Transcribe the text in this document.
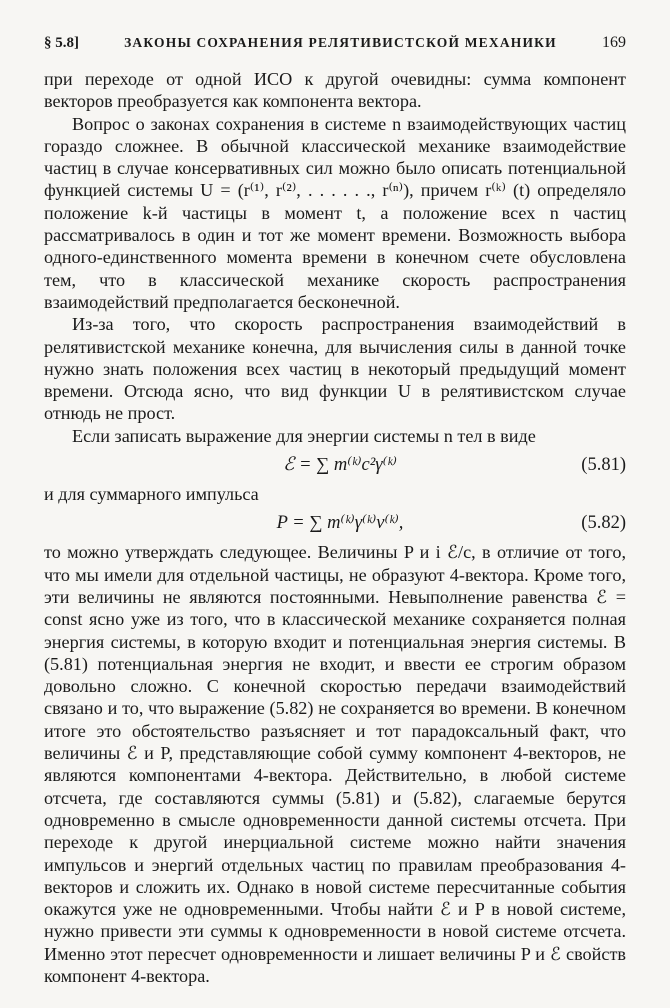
§ 5.8]	ЗАКОНЫ СОХРАНЕНИЯ РЕЛЯТИВИСТСКОЙ МЕХАНИКИ	169

при переходе от одной ИСО к другой очевидны: сумма компонент векторов преобразуется как компонента вектора.

Вопрос о законах сохранения в системе n взаимодействующих частиц гораздо сложнее. В обычной классической механике взаимодействие частиц в случае консервативных сил можно было описать потенциальной функцией системы U = (r⁽¹⁾, r⁽²⁾, . . . . . ., r⁽ⁿ⁾), причем r⁽ᵏ⁾ (t) определяло положение k-й частицы в момент t, а положение всех n частиц рассматривалось в один и тот же момент времени. Возможность выбора одного-единственного момента времени в конечном счете обусловлена тем, что в классической механике скорость распространения взаимодействий предполагается бесконечной.

Из-за того, что скорость распространения взаимодействий в релятивистской механике конечна, для вычисления силы в данной точке нужно знать положения всех частиц в некоторый предыдущий момент времени. Отсюда ясно, что вид функции U в релятивистском случае отнюдь не прост.

Если записать выражение для энергии системы n тел в виде

ℰ = ∑ m⁽ᵏ⁾c²γ⁽ᵏ⁾	(5.81)

и для суммарного импульса

P = ∑ m⁽ᵏ⁾γ⁽ᵏ⁾v⁽ᵏ⁾,	(5.82)

то можно утверждать следующее. Величины P и i ℰ/c, в отличие от того, что мы имели для отдельной частицы, не образуют 4-вектора. Кроме того, эти величины не являются постоянными. Невыполнение равенства ℰ = const ясно уже из того, что в классической механике сохраняется полная энергия системы, в которую входит и потенциальная энергия системы. В (5.81) потенциальная энергия не входит, и ввести ее строгим образом довольно сложно. С конечной скоростью передачи взаимодействий связано и то, что выражение (5.82) не сохраняется во времени. В конечном итоге это обстоятельство разъясняет и тот парадоксальный факт, что величины ℰ и P, представляющие собой сумму компонент 4-векторов, не являются компонентами 4-вектора. Действительно, в любой системе отсчета, где составляются суммы (5.81) и (5.82), слагаемые берутся одновременно в смысле одновременности данной системы отсчета. При переходе к другой инерциальной системе можно найти значения импульсов и энергий отдельных частиц по правилам преобразования 4-векторов и сложить их. Однако в новой системе пересчитанные события окажутся уже не одновременными. Чтобы найти ℰ и P в новой системе, нужно привести эти суммы к одновременности в новой системе отсчета. Именно этот пересчет одновременности и лишает величины P и ℰ свойств компонент 4-вектора.
